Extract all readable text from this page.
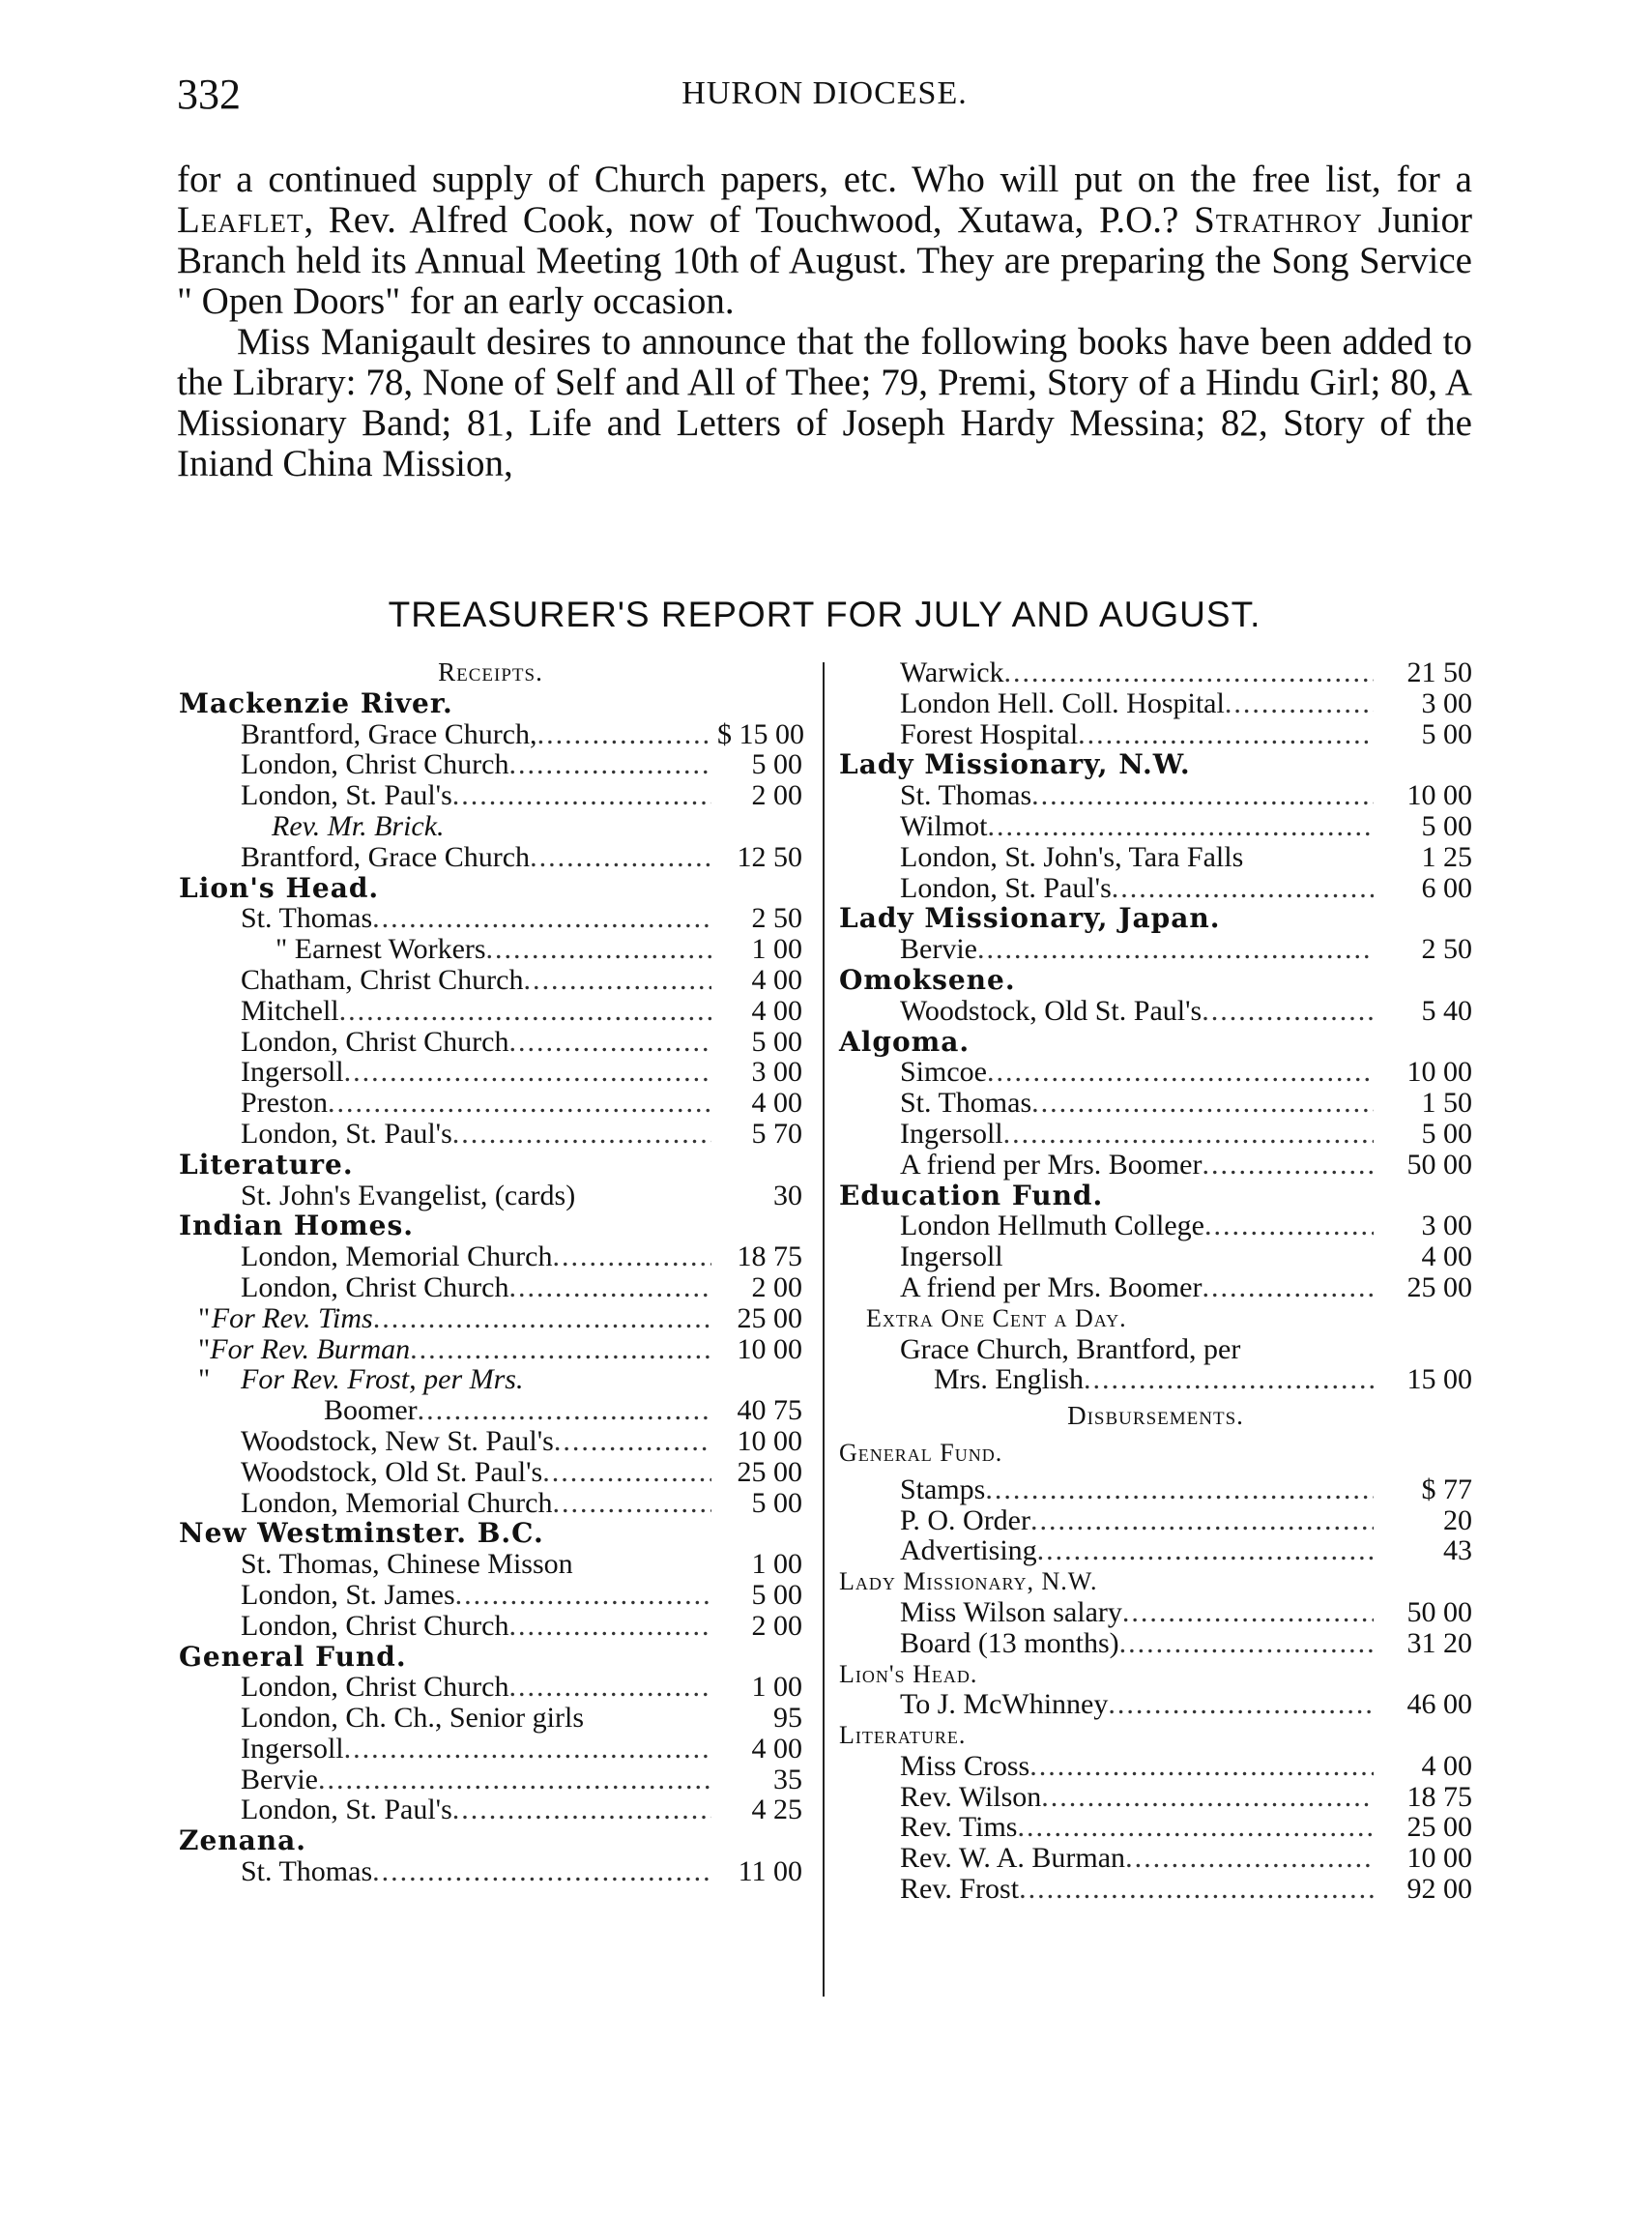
332	HURON DIOCESE.

for a continued supply of Church papers, etc. Who will put on the free list, for a Leaflet, Rev. Alfred Cook, now of Touchwood, Xutawa, P.O.? Strathroy Junior Branch held its Annual Meeting 10th of August. They are preparing the Song Service " Open Doors" for an early occasion.

Miss Manigault desires to announce that the following books have been added to the Library: 78, None of Self and All of Thee; 79, Premi, Story of a Hindu Girl; 80, A Missionary Band; 81, Life and Letters of Joseph Hardy Messina; 82, Story of the Iniand China Mission,

TREASURER'S REPORT FOR JULY AND AUGUST.
Receipts.
Mackenzie River.
Brantford, Grace Church, .....	$ 15 00
London, Christ Church .....	5 00
London, St. Paul's .....	2 00
Rev. Mr. Brick.
Brantford, Grace Church .....	12 50
Lion's Head.
St. Thomas .....	2 50
" Earnest Workers .....	1 00
Chatham, Christ Church .....	4 00
Mitchell .....	4 00
London, Christ Church .....	5 00
Ingersoll .....	3 00
Preston .....	4 00
London, St. Paul's .....	5 70
Literature.
St. John's Evangelist, (cards)	30
Indian Homes.
London, Memorial Church .....	18 75
London, Christ Church .....	2 00
" For Rev. Tims .....	25 00
" For Rev. Burman .....	10 00
"	For Rev. Frost, per Mrs.
Boomer .....	40 75
Woodstock, New St. Paul's .....	10 00
Woodstock, Old St. Paul's .....	25 00
London, Memorial Church .....	5 00
New Westminster. B.C.
St. Thomas, Chinese Misson	1 00
London, St. James .....	5 00
London, Christ Church .....	2 00
General Fund.
London, Christ Church .....	1 00
London, Ch. Ch., Senior girls	95
Ingersoll .....	4 00
Bervie .....	35
London, St. Paul's .....	4 25
Zenana.
St. Thomas .....	11 00
Warwick .....	21 50
London Hell. Coll. Hospital .....	3 00
Forest Hospital .....	5 00
Lady Missionary, N.W.
St. Thomas .....	10 00
Wilmot .....	5 00
London, St. John's, Tara Falls	1 25
London, St. Paul's .....	6 00
Lady Missionary, Japan.
Bervie .....	2 50
Omoksene.
Woodstock, Old St. Paul's .....	5 40
Algoma.
Simcoe .....	10 00
St. Thomas .....	1 50
Ingersoll .....	5 00
A friend per Mrs. Boomer .....	50 00
Education Fund.
London Hellmuth College .....	3 00
Ingersoll	4 00
A friend per Mrs. Boomer .....	25 00
Extra One Cent a Day.
Grace Church, Brantford, per
Mrs. English .....	15 00
Disbursements.
General Fund.
Stamps .....	$ 77
P. O. Order .....	20
Advertising .....	43
Lady Missionary, N.W.
Miss Wilson salary .....	50 00
Board (13 months) .....	31 20
Lion's Head.
To J. McWhinney .....	46 00
Literature.
Miss Cross .....	4 00
Rev. Wilson .....	18 75
Rev. Tims .....	25 00
Rev. W. A. Burman .....	10 00
Rev. Frost .....	92 00
